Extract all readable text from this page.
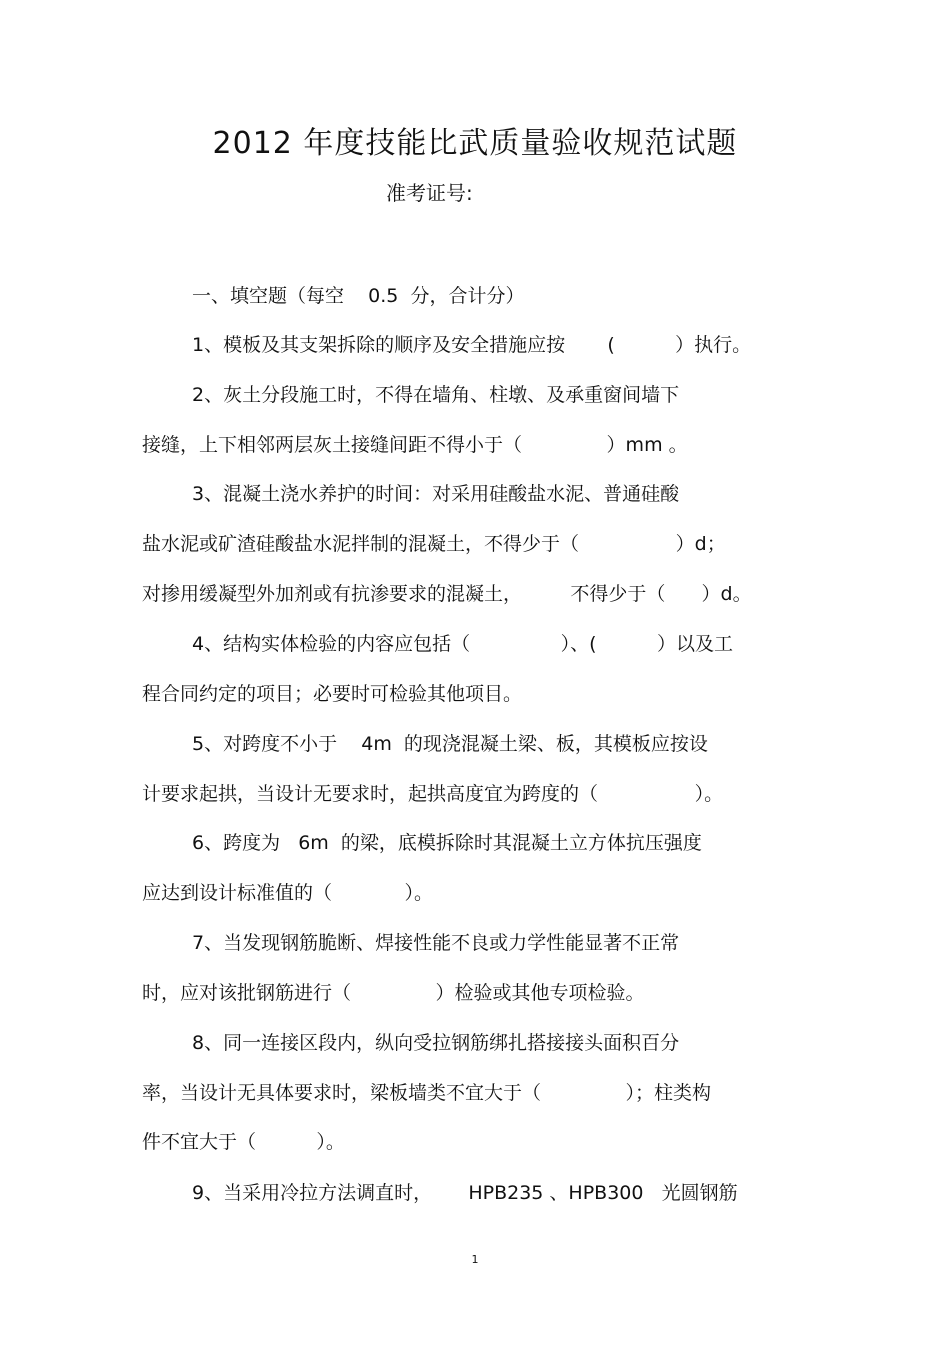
2012 年度技能比武质量验收规范试题
准考证号:
一、填空题（每空    0.5  分，合计分）
1、模板及其支架拆除的顺序及安全措施应按       (          ）执行。
2、灰土分段施工时，不得在墙角、柱墩、及承重窗间墙下
接缝，上下相邻两层灰土接缝间距不得小于（              ）mm 。
3、混凝土浇水养护的时间：对采用硅酸盐水泥、普通硅酸
盐水泥或矿渣硅酸盐水泥拌制的混凝土，不得少于（                ）d；
对掺用缓凝型外加剂或有抗渗要求的混凝土，        不得少于（      ）d。
4、结构实体检验的内容应包括（               ）、(          ）以及工
程合同约定的项目；必要时可检验其他项目。
5、对跨度不小于    4m  的现浇混凝土梁、板，其模板应按设
计要求起拱，当设计无要求时，起拱高度宜为跨度的（                ）。
6、跨度为   6m  的梁，底模拆除时其混凝土立方体抗压强度
应达到设计标准值的（            ）。
7、当发现钢筋脆断、焊接性能不良或力学性能显著不正常
时，应对该批钢筋进行（              ）检验或其他专项检验。
8、同一连接区段内，纵向受拉钢筋绑扎搭接接头面积百分
率，当设计无具体要求时，梁板墙类不宜大于（              ）；柱类构
件不宜大于（          ）。
9、当采用冷拉方法调直时，      HPB235 、HPB300   光圆钢筋
1
